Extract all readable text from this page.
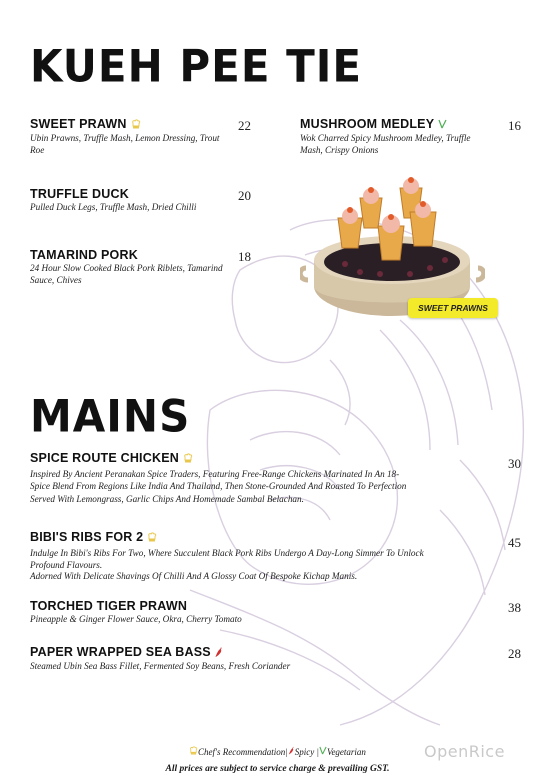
KUEH PEE TIE
SWEET PRAWN
Ubin Prawns, Truffle Mash, Lemon Dressing, Trout Roe
22
TRUFFLE DUCK
Pulled Duck Legs, Truffle Mash, Dried Chilli
20
TAMARIND PORK
24 Hour Slow Cooked Black Pork Riblets, Tamarind Sauce, Chives
18
MUSHROOM MEDLEY
Wok Charred Spicy Mushroom Medley, Truffle Mash, Crispy Onions
16
SWEET PRAWNS
MAINS
SPICE ROUTE CHICKEN
Inspired By Ancient Peranakan Spice Traders, Featuring Free-Range Chickens Marinated In An 18-Spice Blend From Regions Like India And Thailand, Then Stone-Grounded And Roasted To Perfection
Served With Lemongrass, Garlic Chips And Homemade Sambal Belachan.
30
BIBI'S RIBS FOR 2
Indulge In Bibi's Ribs For Two, Where Succulent Black Pork Ribs Undergo A Day-Long Simmer To Unlock Profound Flavours.
Adorned With Delicate Shavings Of Chilli And A Glossy Coat Of Bespoke Kichap Manis.
45
TORCHED TIGER PRAWN
Pineapple & Ginger Flower Sauce, Okra, Cherry Tomato
38
PAPER WRAPPED SEA BASS
Steamed Ubin Sea Bass Fillet, Fermented Soy Beans, Fresh Coriander
28
Chef's Recommendation| Spicy | Vegetarian
All prices are subject to service charge & prevailing GST.
OpenRice
